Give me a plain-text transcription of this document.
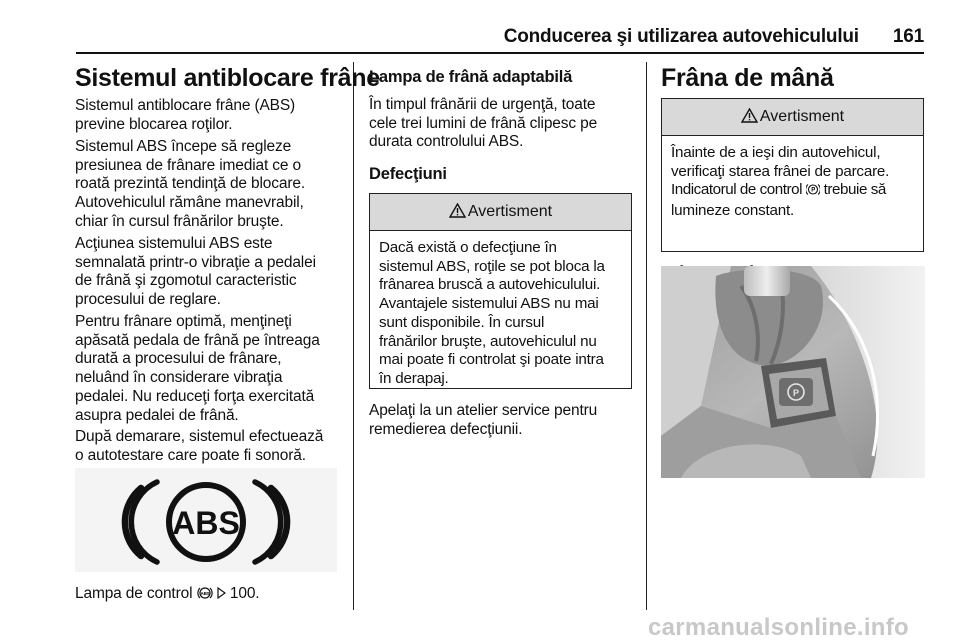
Conducerea şi utilizarea autovehiculului 161
Sistemul antiblocare frâne
Sistemul antiblocare frâne (ABS)
previne blocarea roţilor.
Sistemul ABS începe să regleze
presiunea de frânare imediat ce o
roată prezintă tendinţă de blocare.
Autovehiculul rămâne manevrabil,
chiar în cursul frânărilor bruşte.
Acţiunea sistemului ABS este
semnalată printr-o vibraţie a pedalei
de frână şi zgomotul caracteristic
procesului de reglare.
Pentru frânare optimă, menţineţi
apăsată pedala de frână pe întreaga
durată a procesului de frânare,
neluând în considerare vibraţia
pedalei. Nu reduceţi forţa exercitată
asupra pedalei de frână.
După demarare, sistemul efectuează
o autotestare care poate fi sonoră.
ABS
Lampa de control ABS 100.
Lampa de frână adaptabilă
În timpul frânării de urgenţă, toate
cele trei lumini de frână clipesc pe
durata controlului ABS.
Defecţiuni
Avertisment
Dacă există o defecţiune în
sistemul ABS, roţile se pot bloca la
frânarea bruscă a autovehiculului.
Avantajele sistemului ABS nu mai
sunt disponibile. În cursul
frânărilor bruşte, autovehiculul nu
mai poate fi controlat şi poate intra
în derapaj.
Apelaţi la un atelier service pentru
remedierea defecţiunii.
Frâna de mână
Avertisment
Înainte de a ieşi din autovehicul,
verificaţi starea frânei de parcare.
Indicatorul de control P trebuie să
lumineze constant.
P
carmanualsonline.info
